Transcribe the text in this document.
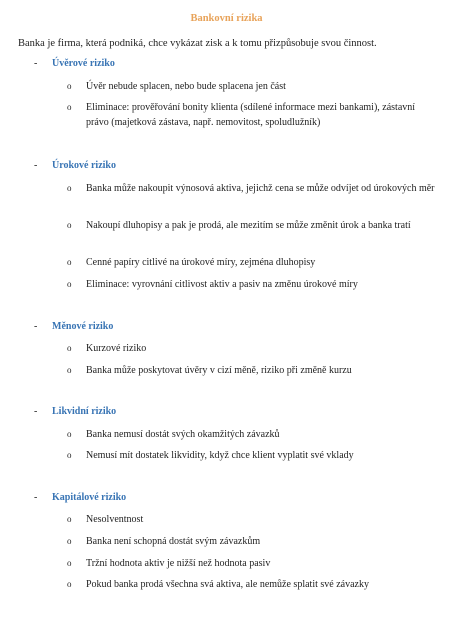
Bankovní rizika
Banka je firma, která podniká, chce vykázat zisk a k tomu přizpůsobuje svou činnost.
- Úvěrové riziko
o Úvěr nebude splacen, nebo bude splacena jen část
o Eliminace: prověřování bonity klienta (sdílené informace mezi bankami), zástavní právo (majetková zástava, např. nemovitost, spoludlužník)
- Úrokové riziko
o Banka může nakoupit výnosová aktiva, jejichž cena se může odvíjet od úrokových měr
o Nakoupí dluhopisy a pak je prodá, ale mezitím se může změnit úrok a banka tratí
o Cenné papíry citlivé na úrokové míry, zejména dluhopisy
o Eliminace: vyrovnání citlivost aktiv a pasiv na změnu úrokové míry
- Měnové riziko
o Kurzové riziko
o Banka může poskytovat úvěry v cizí měně, riziko při změně kurzu
- Likvidní riziko
o Banka nemusí dostát svých okamžitých závazků
o Nemusí mít dostatek likvidity, když chce klient vyplatit své vklady
- Kapitálové riziko
o Nesolventnost
o Banka není schopná dostát svým závazkům
o Tržní hodnota aktiv je nižší než hodnota pasiv
o Pokud banka prodá všechna svá aktiva, ale nemůže splatit své závazky
